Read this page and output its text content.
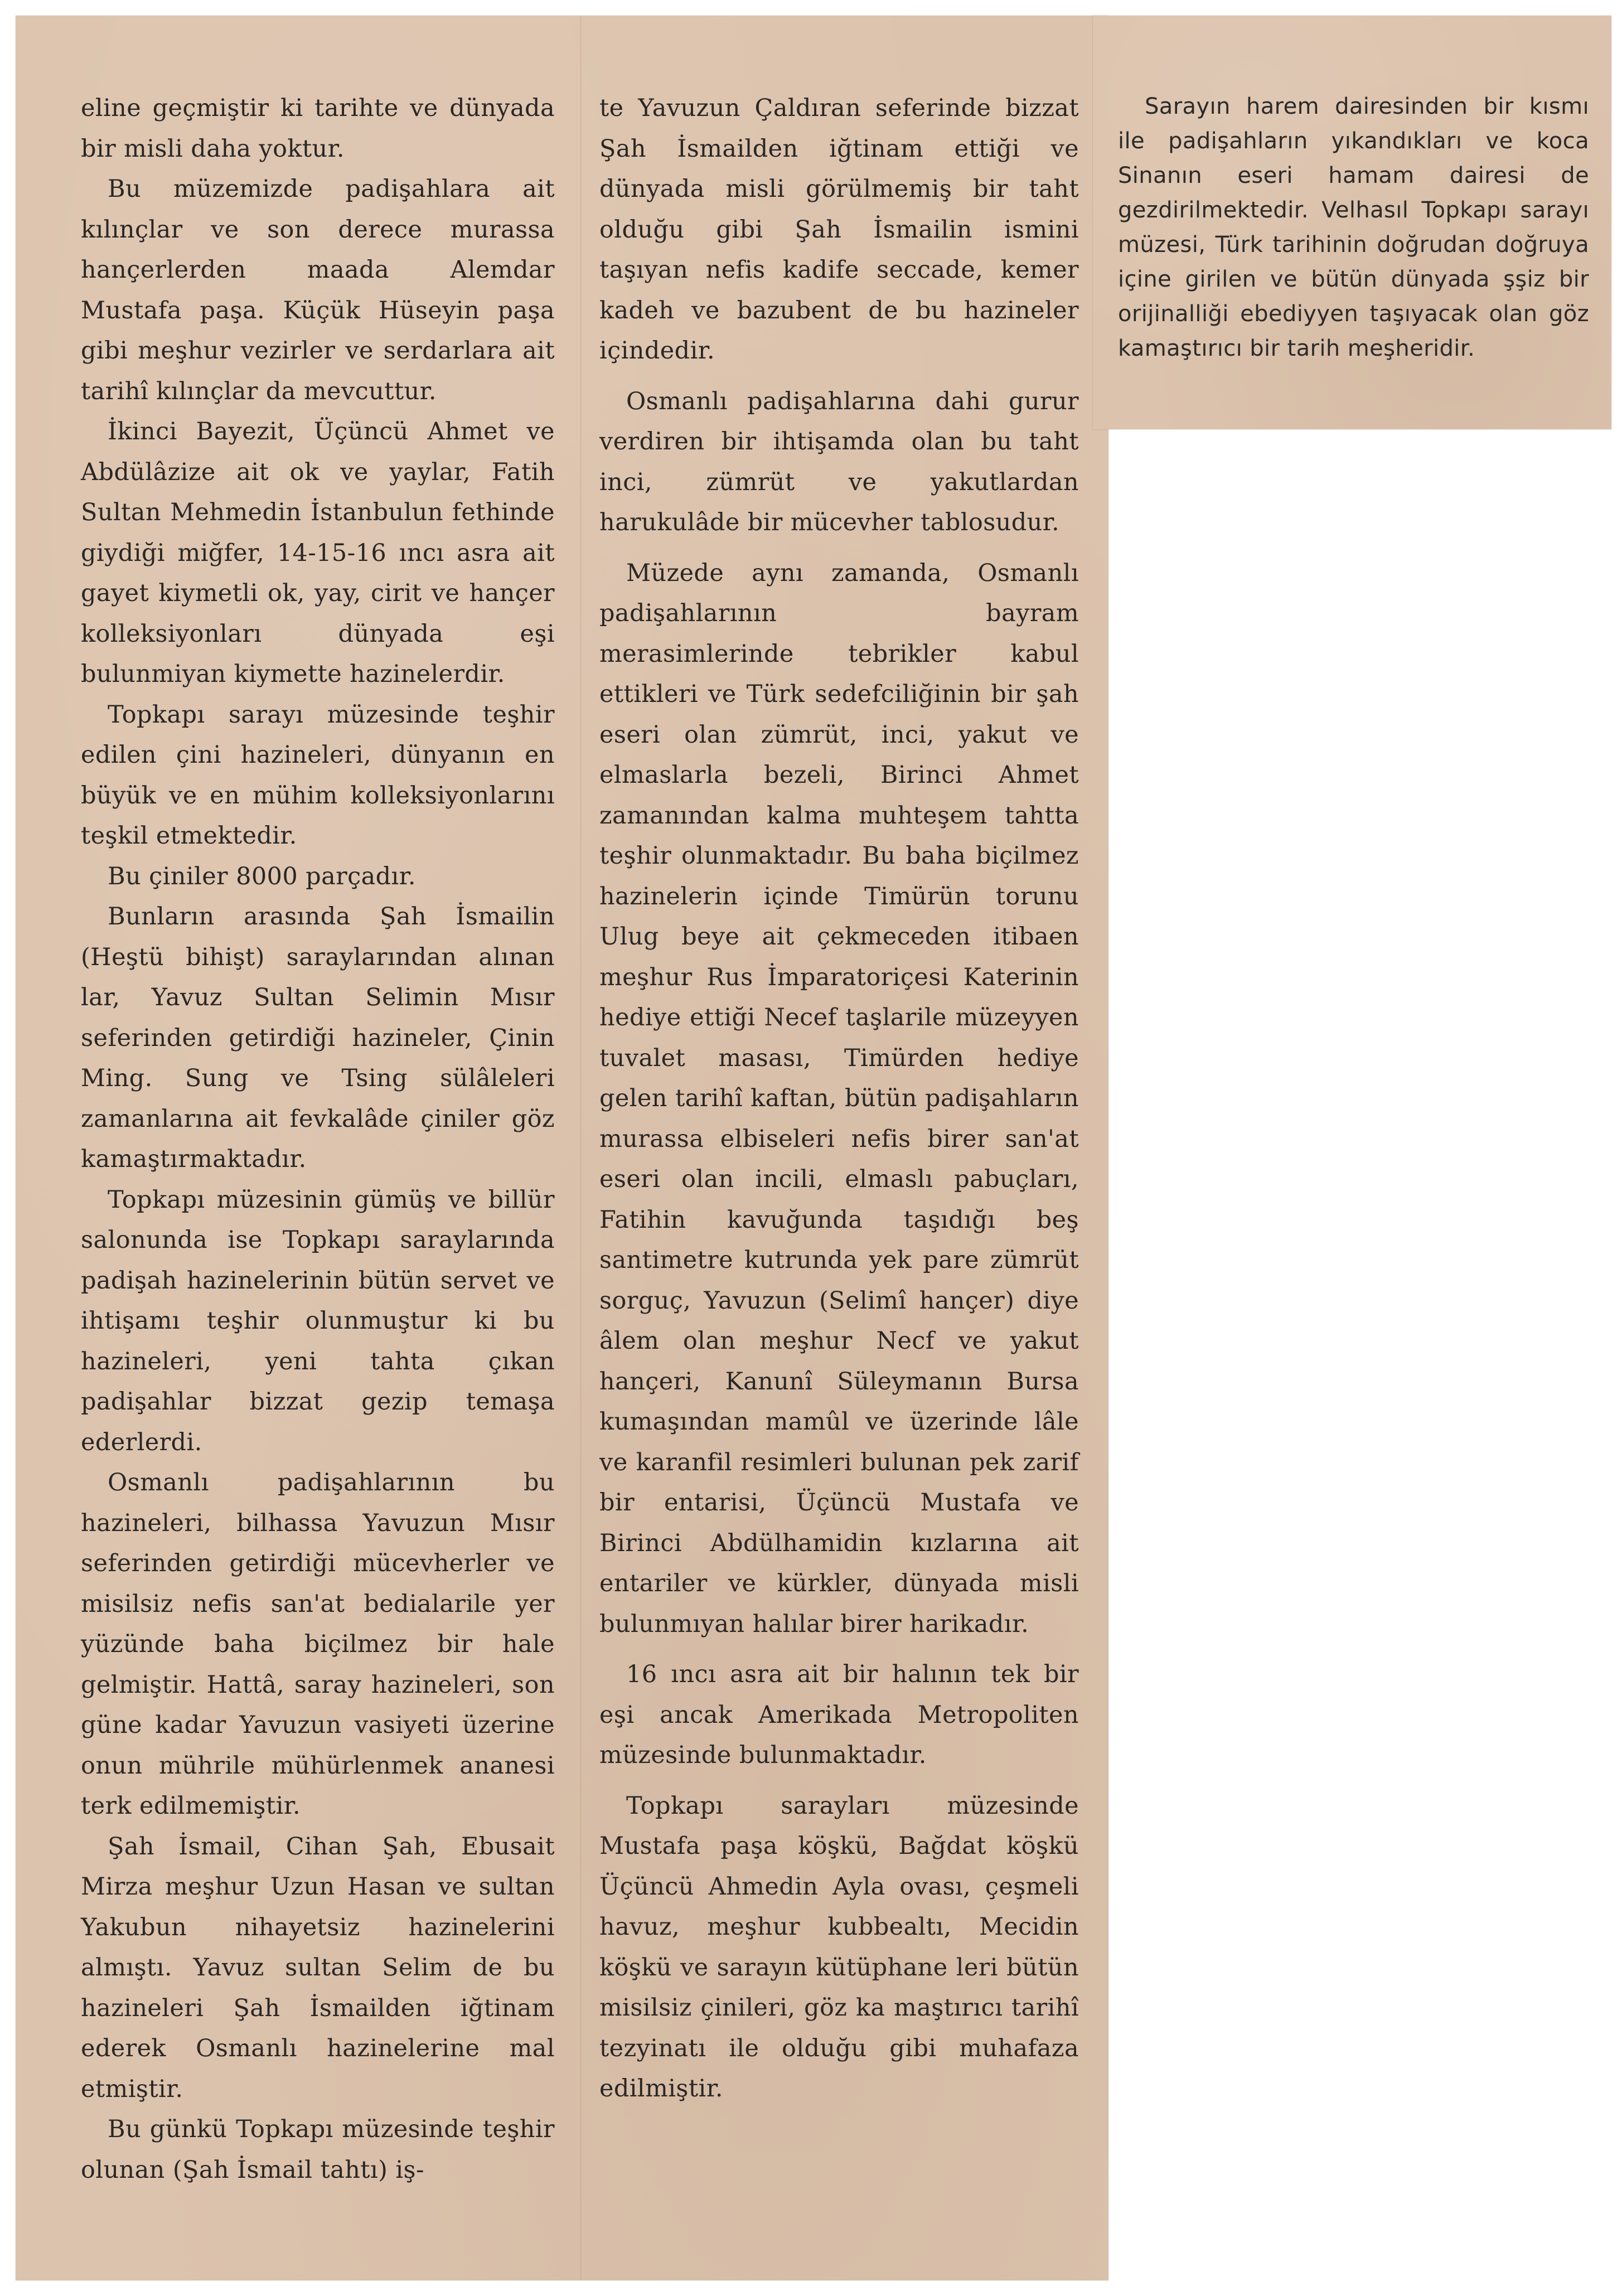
eline geçmiştir ki tarihte ve dünyada bir misli daha yoktur.

Bu müzemizde padişahlara ait kılınçlar ve son derece murassa hançerlerden maada Alemdar Mustafa paşa. Küçük Hüseyin paşa gibi meşhur vezirler ve serdarlara ait tarihî kılınçlar da mevcuttur.

İkinci Bayezit, Üçüncü Ahmet ve Abdülâzize ait ok ve yaylar, Fatih Sultan Mehmedin İstanbulun fethinde giydiği miğfer, 14-15-16 ıncı asra ait gayet kiymetli ok, yay, cirit ve hançer kolleksiyonları dünyada eşi bulunmiyan kiymette hazinelerdir.

Topkapı sarayı müzesinde teşhir edilen çini hazineleri, dünyanın en büyük ve en mühim kolleksiyonlarını teşkil etmektedir.

Bu çiniler 8000 parçadır.

Bunların arasında Şah İsmailin (Heştü bihişt) saraylarından alınan lar, Yavuz Sultan Selimin Mısır seferinden getirdiği hazineler, Çinin Ming. Sung ve Tsing sülâleleri zamanlarına ait fevkalâde çiniler göz kamaştırmaktadır.

Topkapı müzesinin gümüş ve billür salonunda ise Topkapı saraylarında padişah hazinelerinin bütün servet ve ihtişamı teşhir olunmuştur ki bu hazineleri, yeni tahta çıkan padişahlar bizzat gezip temaşa ederlerdi.

Osmanlı padişahlarının bu hazineleri, bilhassa Yavuzun Mısır seferinden getirdiği mücevherler ve misilsiz nefis san'at bedialarile yer yüzünde baha biçilmez bir hale gelmiştir. Hattâ, saray hazineleri, son güne kadar Yavuzun vasiyeti üzerine onun mührile mühürlenmek ananesi terk edilmemiştir.

Şah İsmail, Cihan Şah, Ebusait Mirza meşhur Uzun Hasan ve sultan Yakubun nihayetsiz hazinelerini almıştı. Yavuz sultan Selim de bu hazineleri Şah İsmailden iğtinam ederek Osmanlı hazinelerine mal etmiştir.

Bu günkü Topkapı müzesinde teşhir olunan (Şah İsmail tahtı) iş-

te Yavuzun Çaldıran seferinde bizzat Şah İsmailden iğtinam ettiği ve dünyada misli görülmemiş bir taht olduğu gibi Şah İsmailin ismini taşıyan nefis kadife seccade, kemer kadeh ve bazubent de bu hazineler içindedir.

Osmanlı padişahlarına dahi gurur verdiren bir ihtişamda olan bu taht inci, zümrüt ve yakutlardan harukulâde bir mücevher tablosudur.

Müzede aynı zamanda, Osmanlı padişahlarının bayram merasimlerinde tebrikler kabul ettikleri ve Türk sedefciliğinin bir şah eseri olan zümrüt, inci, yakut ve elmaslarla bezeli, Birinci Ahmet zamanından kalma muhteşem tahtta teşhir olunmaktadır. Bu baha biçilmez hazinelerin içinde Timürün torunu Ulug beye ait çekmeceden itibaen meşhur Rus İmparatoriçesi Katerinin hediye ettiği Necef taşlarile müzeyyen tuvalet masası, Timürden hediye gelen tarihî kaftan, bütün padişahların murassa elbiseleri nefis birer san'at eseri olan incili, elmaslı pabuçları, Fatihin kavuğunda taşıdığı beş santimetre kutrunda yek pare zümrüt sorguç, Yavuzun (Selimî hançer) diye âlem olan meşhur Necf ve yakut hançeri, Kanunî Süleymanın Bursa kumaşından mamûl ve üzerinde lâle ve karanfil resimleri bulunan pek zarif bir entarisi, Üçüncü Mustafa ve Birinci Abdülhamidin kızlarına ait entariler ve kürkler, dünyada misli bulunmıyan halılar birer harikadır.

16 ıncı asra ait bir halının tek bir eşi ancak Amerikada Metropoliten müzesinde bulunmaktadır.

Topkapı sarayları müzesinde Mustafa paşa köşkü, Bağdat köşkü Üçüncü Ahmedin Ayla ovası, çeşmeli havuz, meşhur kubbealtı, Mecidin köşkü ve sarayın kütüphane leri bütün misilsiz çinileri, göz ka maştırıcı tarihî tezyinatı ile olduğu gibi muhafaza edilmiştir.

Sarayın harem dairesinden bir kısmı ile padişahların yıkandıkları ve koca Sinanın eseri hamam dairesi de gezdirilmektedir. Velhasıl Topkapı sarayı müzesi, Türk tarihinin doğrudan doğruya içine girilen ve bütün dünyada şşiz bir orijinalliği ebediyyen taşıyacak olan göz kamaştırıcı bir tarih meşheridir.
